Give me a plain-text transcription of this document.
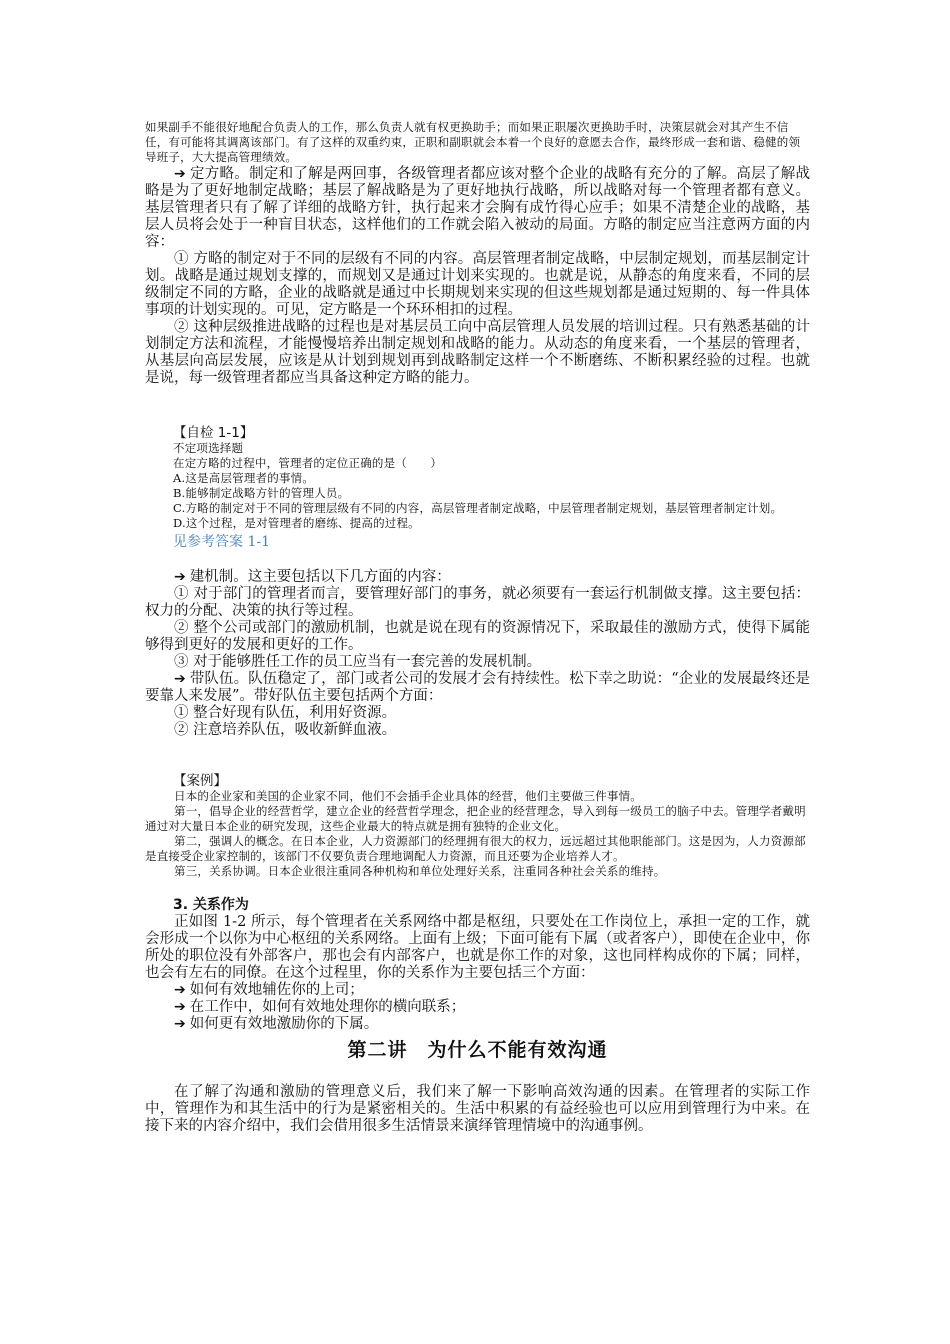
如果副手不能很好地配合负责人的工作，那么负责人就有权更换助手；而如果正职屡次更换助手时，决策层就会对其产生不信任，有可能将其调离该部门。有了这样的双重约束，正职和副职就会本着一个良好的意愿去合作，最终形成一套和谐、稳健的领导班子，大大提高管理绩效。

➔ 定方略。制定和了解是两回事，各级管理者都应该对整个企业的战略有充分的了解。高层了解战略是为了更好地制定战略；基层了解战略是为了更好地执行战略，所以战略对每一个管理者都有意义。基层管理者只有了解了详细的战略方针，执行起来才会胸有成竹得心应手；如果不清楚企业的战略，基层人员将会处于一种盲目状态，这样他们的工作就会陷入被动的局面。方略的制定应当注意两方面的内容：

① 方略的制定对于不同的层级有不同的内容。高层管理者制定战略，中层制定规划，而基层制定计划。战略是通过规划支撑的，而规划又是通过计划来实现的。也就是说，从静态的角度来看，不同的层级制定不同的方略，企业的战略就是通过中长期规划来实现的但这些规划都是通过短期的、每一件具体事项的计划实现的。可见，定方略是一个环环相扣的过程。

② 这种层级推进战略的过程也是对基层员工向中高层管理人员发展的培训过程。只有熟悉基础的计划制定方法和流程，才能慢慢培养出制定规划和战略的能力。从动态的角度来看，一个基层的管理者，从基层向高层发展，应该是从计划到规划再到战略制定这样一个不断磨练、不断积累经验的过程。也就是说，每一级管理者都应当具备这种定方略的能力。

【自检 1-1】
不定项选择题
在定方略的过程中，管理者的定位正确的是（　　）
A.这是高层管理者的事情。
B.能够制定战略方针的管理人员。
C.方略的制定对于不同的管理层级有不同的内容，高层管理者制定战略，中层管理者制定规划，基层管理者制定计划。
D.这个过程，是对管理者的磨练、提高的过程。
见参考答案 1-1

➔ 建机制。这主要包括以下几方面的内容：

① 对于部门的管理者而言，要管理好部门的事务，就必须要有一套运行机制做支撑。这主要包括：权力的分配、决策的执行等过程。

② 整个公司或部门的激励机制，也就是说在现有的资源情况下，采取最佳的激励方式，使得下属能够得到更好的发展和更好的工作。

③ 对于能够胜任工作的员工应当有一套完善的发展机制。

➔ 带队伍。队伍稳定了，部门或者公司的发展才会有持续性。松下幸之助说：“企业的发展最终还是要靠人来发展”。带好队伍主要包括两个方面：

① 整合好现有队伍，利用好资源。

② 注意培养队伍，吸收新鲜血液。

【案例】

日本的企业家和美国的企业家不同，他们不会插手企业具体的经营，他们主要做三件事情。

第一，倡导企业的经营哲学，建立企业的经营哲学理念，把企业的经营理念，导入到每一级员工的脑子中去。管理学者戴明通过对大量日本企业的研究发现，这些企业最大的特点就是拥有独特的企业文化。

第二，强调人的概念。在日本企业，人力资源部门的经理拥有很大的权力，远远超过其他职能部门。这是因为，人力资源部是直接受企业家控制的，该部门不仅要负责合理地调配人力资源，而且还要为企业培养人才。

第三，关系协调。日本企业很注重同各种机构和单位处理好关系，注重同各种社会关系的维持。

3. 关系作为

正如图 1-2 所示，每个管理者在关系网络中都是枢纽，只要处在工作岗位上，承担一定的工作，就会形成一个以你为中心枢纽的关系网络。上面有上级；下面可能有下属（或者客户），即使在企业中，你所处的职位没有外部客户，那也会有内部客户，也就是你工作的对象，这也同样构成你的下属；同样，也会有左右的同僚。在这个过程里，你的关系作为主要包括三个方面：

➔ 如何有效地辅佐你的上司；

➔ 在工作中，如何有效地处理你的横向联系；

➔ 如何更有效地激励你的下属。

第二讲　为什么不能有效沟通

在了解了沟通和激励的管理意义后，我们来了解一下影响高效沟通的因素。在管理者的实际工作中，管理作为和其生活中的行为是紧密相关的。生活中积累的有益经验也可以应用到管理行为中来。在接下来的内容介绍中，我们会借用很多生活情景来演绎管理情境中的沟通事例。
